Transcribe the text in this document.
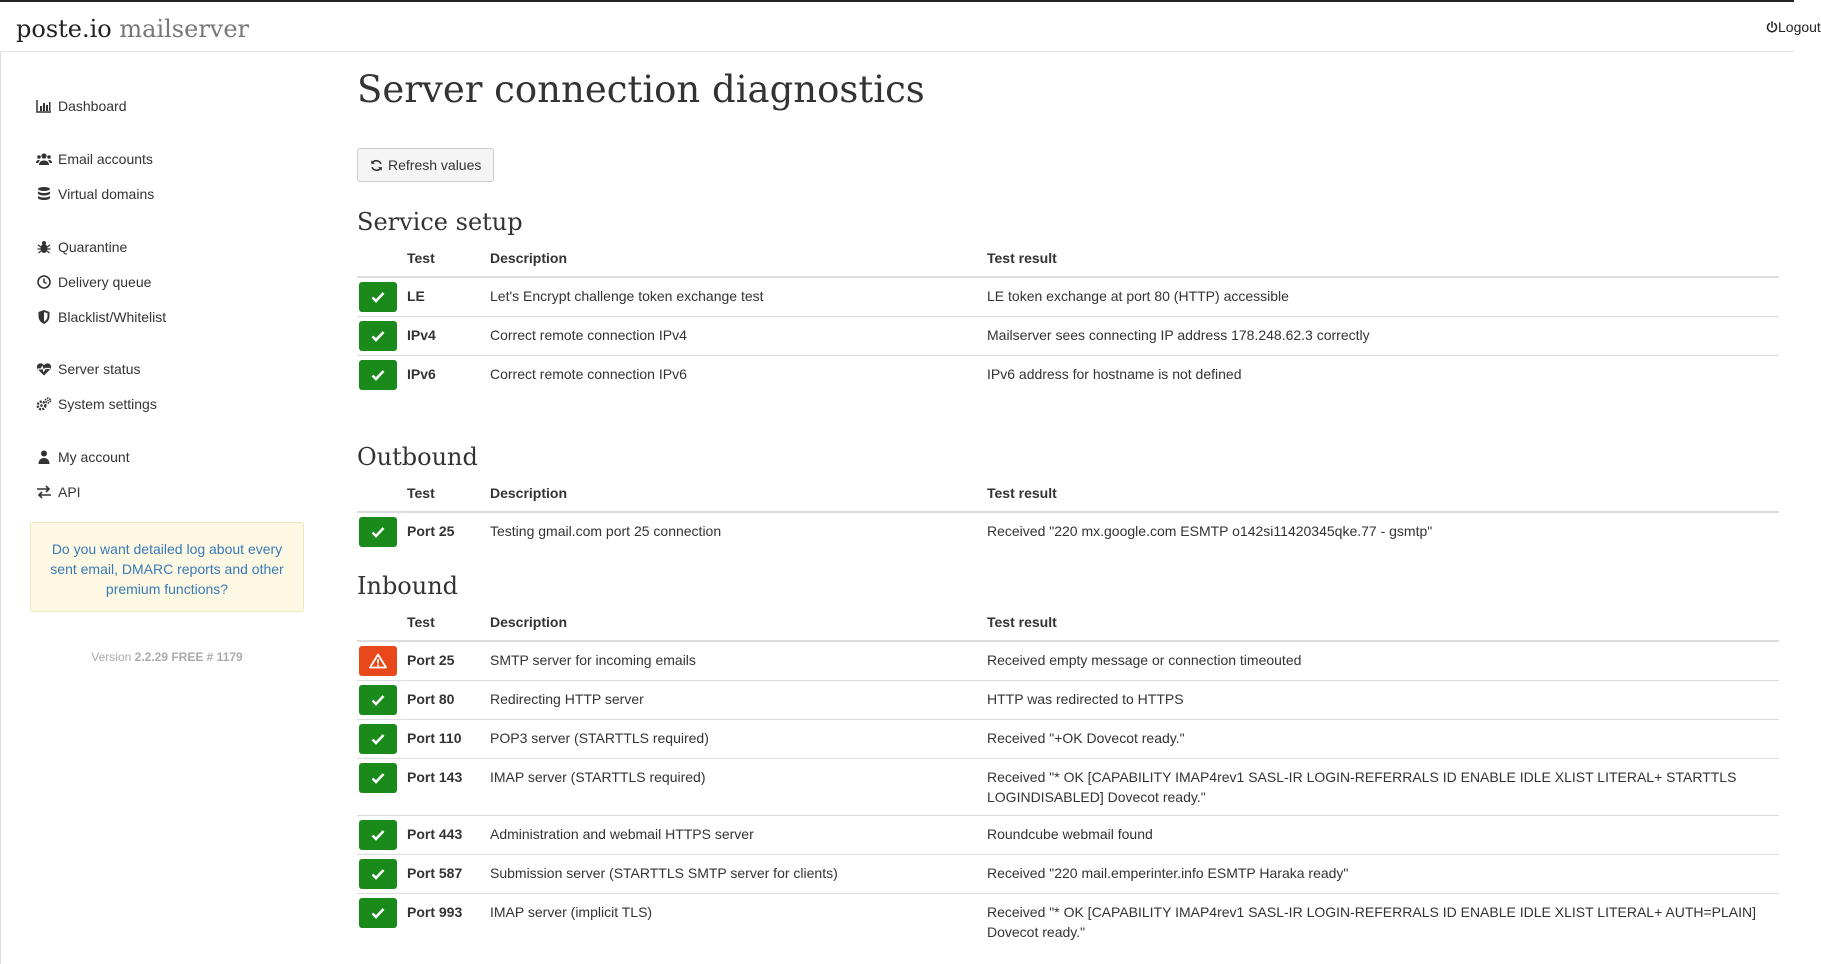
poste.io mailserver	Logout
Dashboard
Email accounts
Virtual domains
Quarantine
Delivery queue
Blacklist/Whitelist
Server status
System settings
My account
API
Do you want detailed log about every sent email, DMARC reports and other premium functions?
Version 2.2.29 FREE # 1179
Server connection diagnostics
Refresh values
Service setup
	Test	Description	Test result

	LE	Let's Encrypt challenge token exchange test	LE token exchange at port 80 (HTTP) accessible

	IPv4	Correct remote connection IPv4	Mailserver sees connecting IP address 178.248.62.3 correctly

	IPv6	Correct remote connection IPv6	IPv6 address for hostname is not defined
Outbound
	Test	Description	Test result

	Port 25	Testing gmail.com port 25 connection	Received "220 mx.google.com ESMTP o142si11420345qke.77 - gsmtp"
Inbound
	Test	Description	Test result

	Port 25	SMTP server for incoming emails	Received empty message or connection timeouted

	Port 80	Redirecting HTTP server	HTTP was redirected to HTTPS

	Port 110	POP3 server (STARTTLS required)	Received "+OK Dovecot ready."

	Port 143	IMAP server (STARTTLS required)	Received "* OK [CAPABILITY IMAP4rev1 SASL-IR LOGIN-REFERRALS ID ENABLE IDLE XLIST LITERAL+ STARTTLS LOGINDISABLED] Dovecot ready."

	Port 443	Administration and webmail HTTPS server	Roundcube webmail found

	Port 587	Submission server (STARTTLS SMTP server for clients)	Received "220 mail.emperinter.info ESMTP Haraka ready"

	Port 993	IMAP server (implicit TLS)	Received "* OK [CAPABILITY IMAP4rev1 SASL-IR LOGIN-REFERRALS ID ENABLE IDLE XLIST LITERAL+ AUTH=PLAIN] Dovecot ready."
